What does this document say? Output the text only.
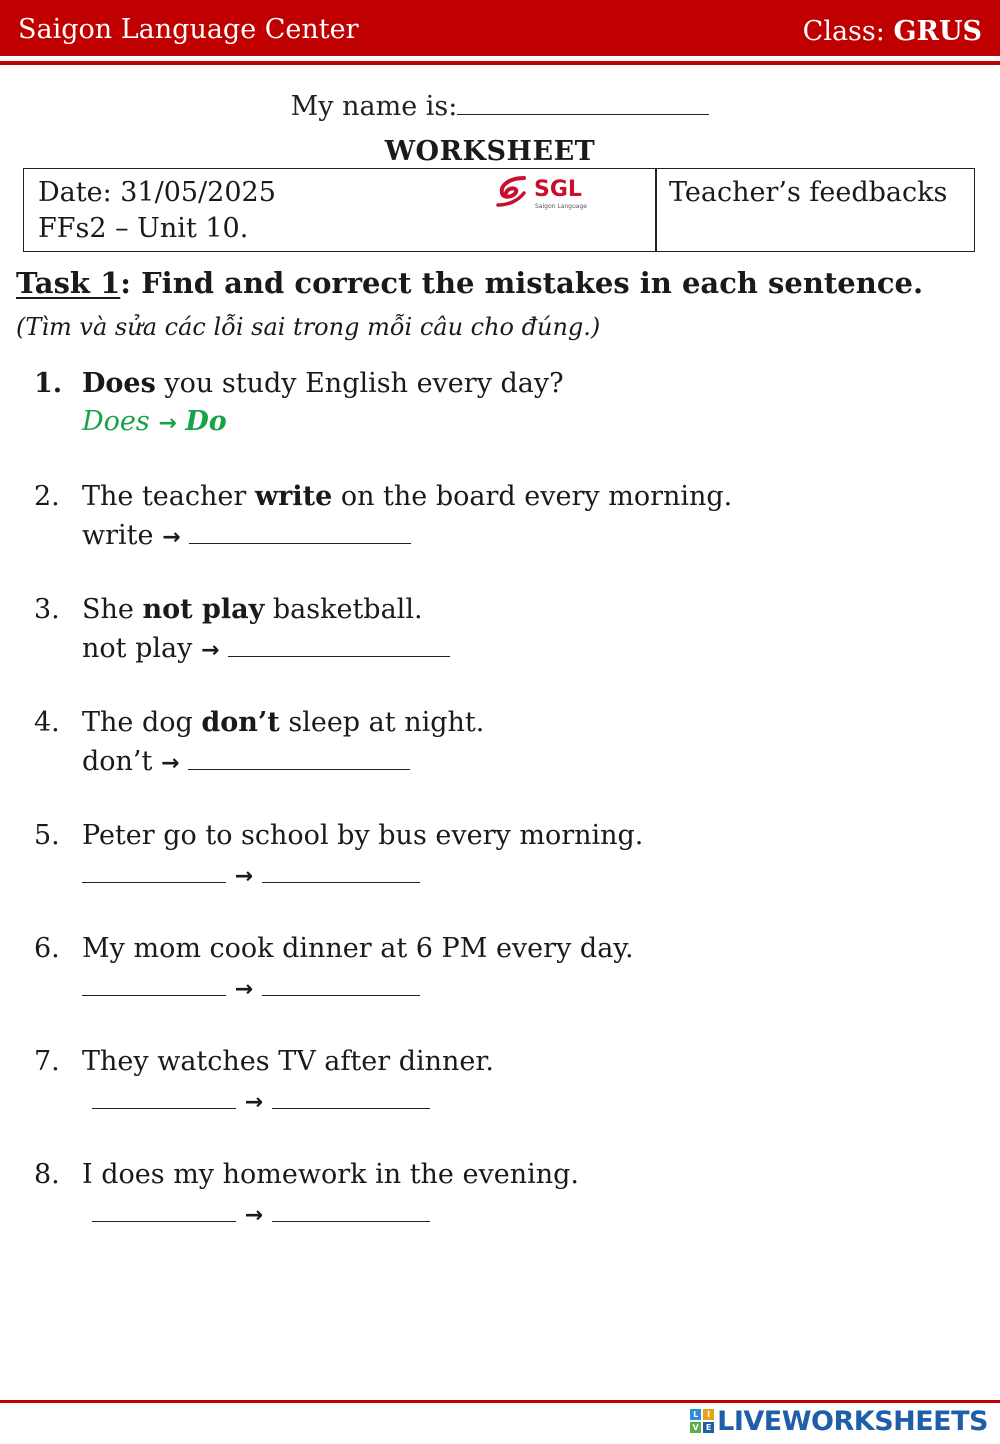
Saigon Language Center	Class: GRUS
My name is:
WORKSHEET
Date: 31/05/2025
FFs2 – Unit 10.
SGL
Saigon Language	Teacher’s feedbacks
Task 1: Find and correct the mistakes in each sentence. (Tìm và sửa các lỗi sai trong mỗi câu cho đúng.)
1. Does you study English every day?
Does → Do
2. The teacher write on the board every morning.
write →
3. She not play basketball.
not play →
4. The dog don’t sleep at night.
don’t →
5. Peter go to school by bus every morning.
→
6. My mom cook dinner at 6 PM every day.
→
7. They watches TV after dinner.
→
8. I does my homework in the evening.
→
L	I
V E LIVEWORKSHEETS
